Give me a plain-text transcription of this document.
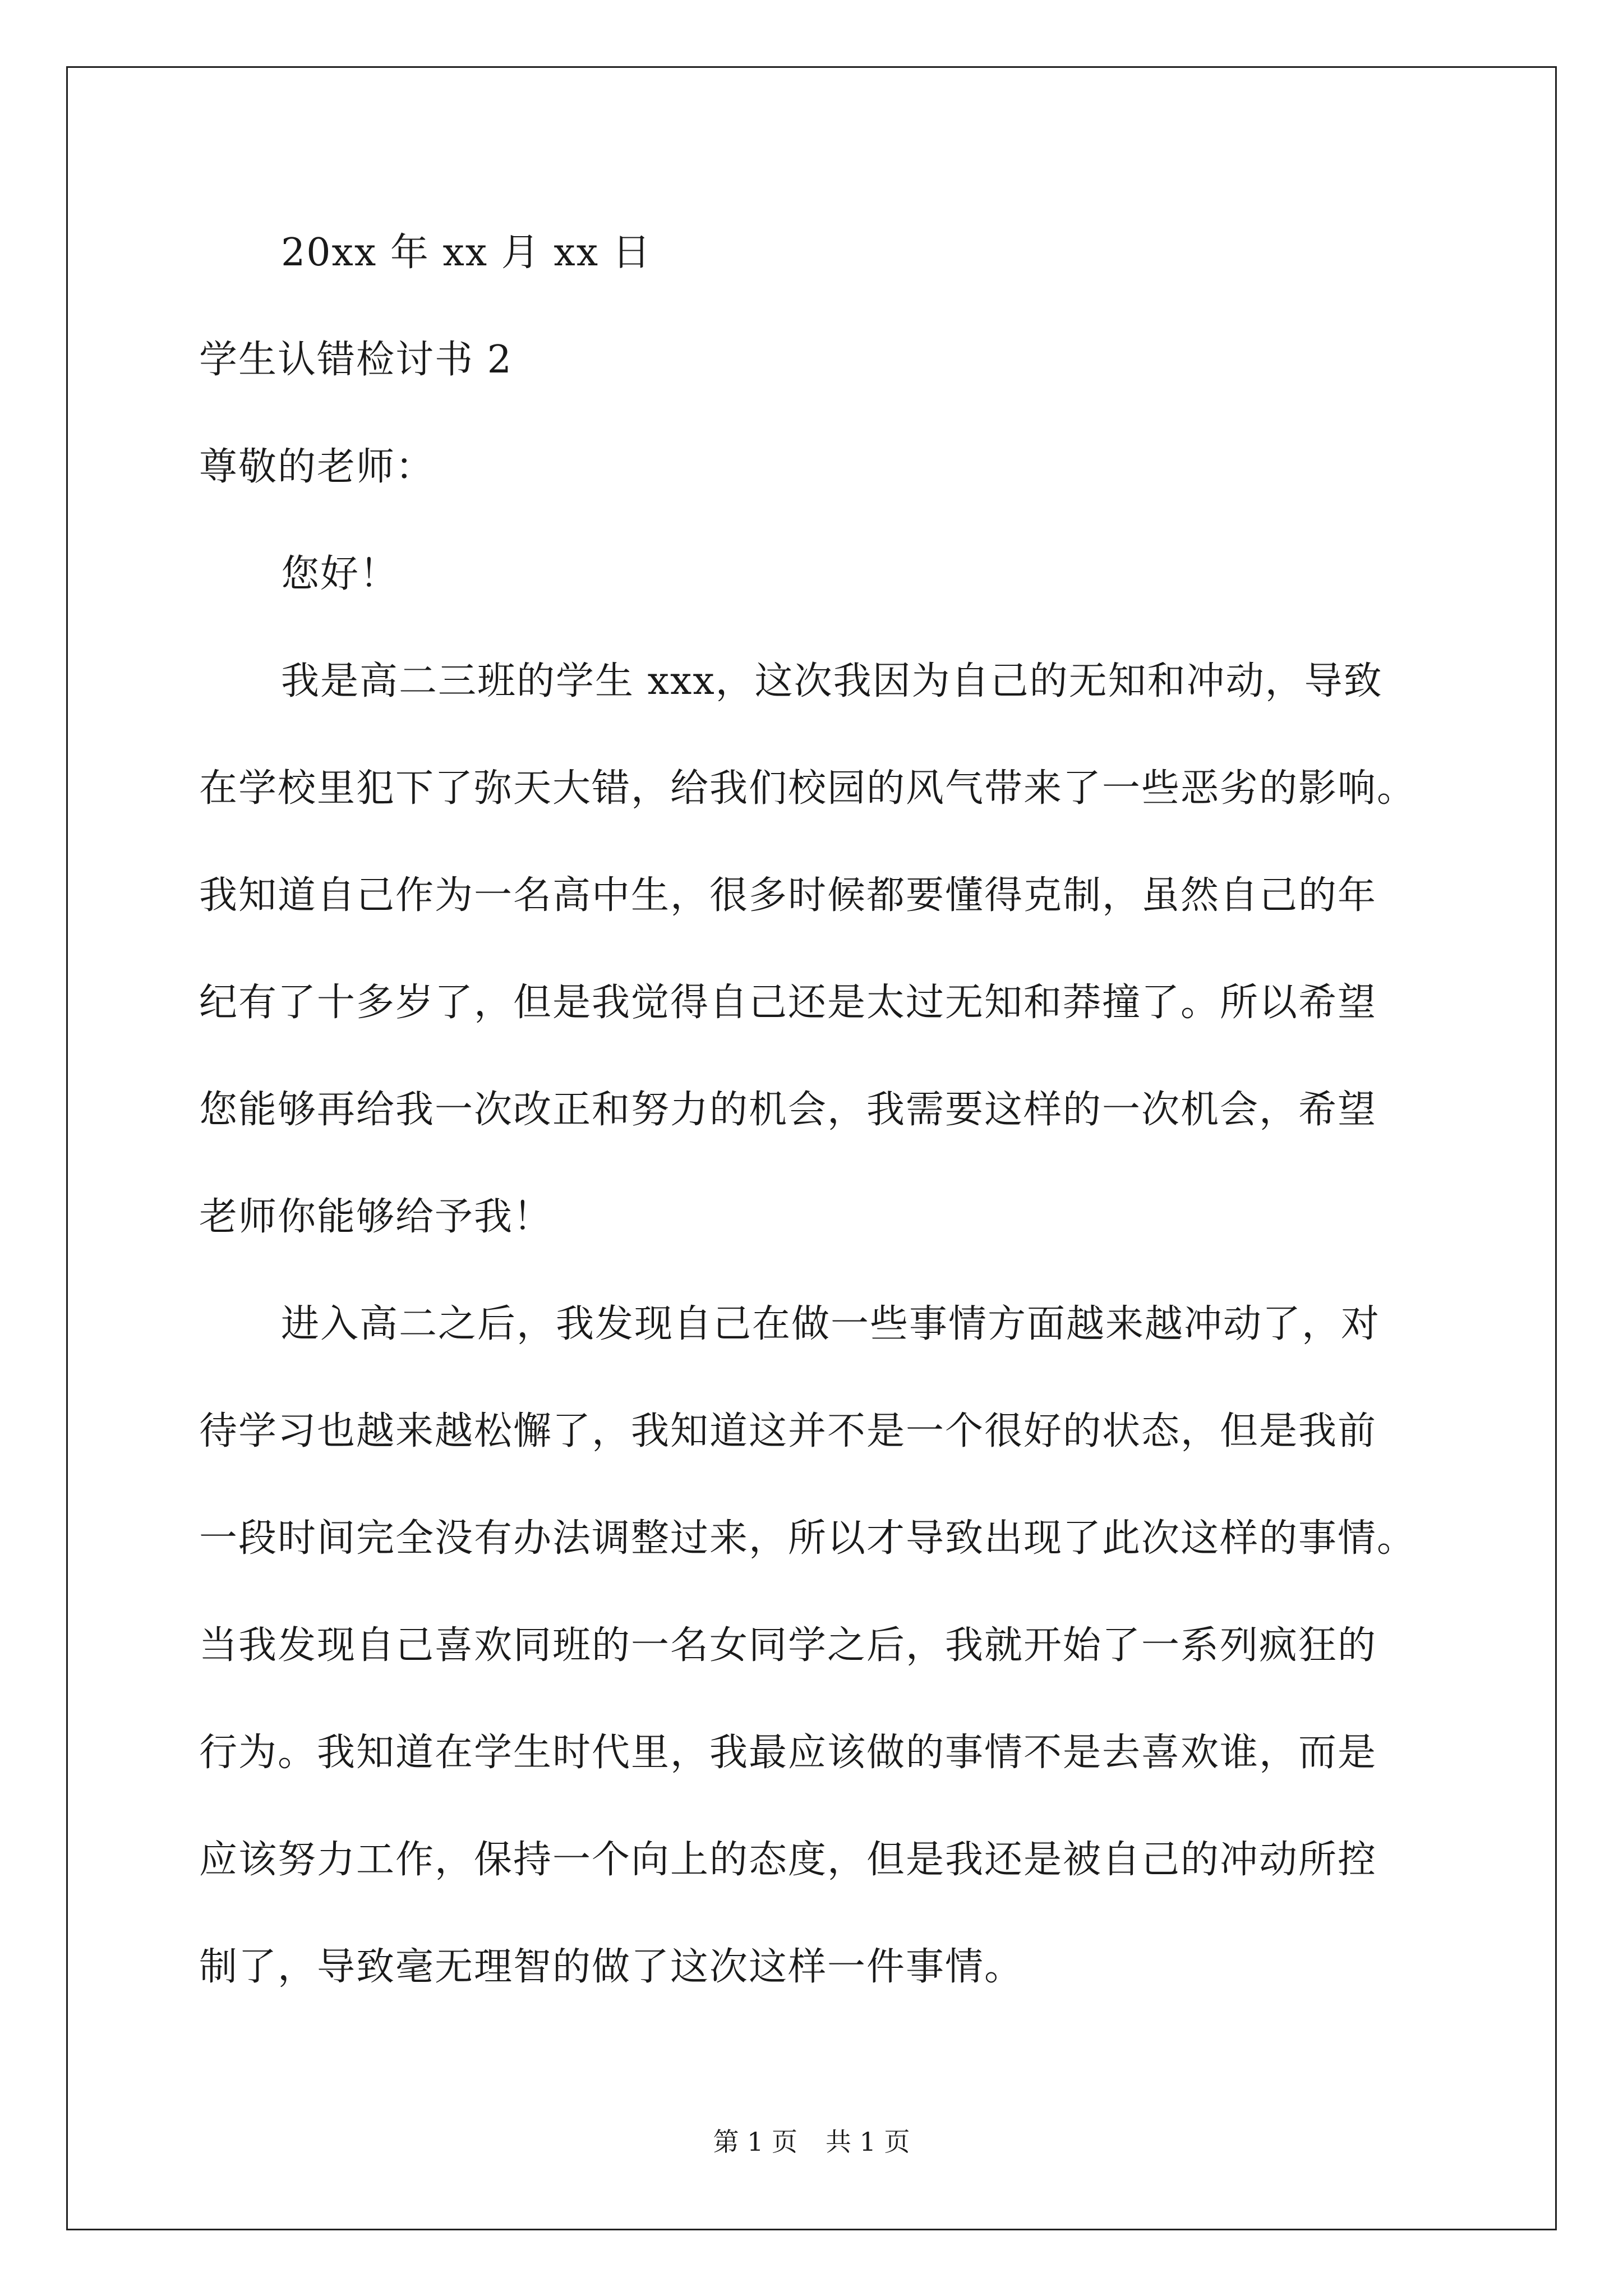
20xx 年 xx 月 xx 日
学生认错检讨书 2
尊敬的老师：
您好！
我是高二三班的学生 xxx，这次我因为自己的无知和冲动，导致
在学校里犯下了弥天大错，给我们校园的风气带来了一些恶劣的影响。
我知道自己作为一名高中生，很多时候都要懂得克制，虽然自己的年
纪有了十多岁了，但是我觉得自己还是太过无知和莽撞了。所以希望
您能够再给我一次改正和努力的机会，我需要这样的一次机会，希望
老师你能够给予我！
进入高二之后，我发现自己在做一些事情方面越来越冲动了，对
待学习也越来越松懈了，我知道这并不是一个很好的状态，但是我前
一段时间完全没有办法调整过来，所以才导致出现了此次这样的事情。
当我发现自己喜欢同班的一名女同学之后，我就开始了一系列疯狂的
行为。我知道在学生时代里，我最应该做的事情不是去喜欢谁，而是
应该努力工作，保持一个向上的态度，但是我还是被自己的冲动所控
制了，导致毫无理智的做了这次这样一件事情。
第 1 页 共 1 页
